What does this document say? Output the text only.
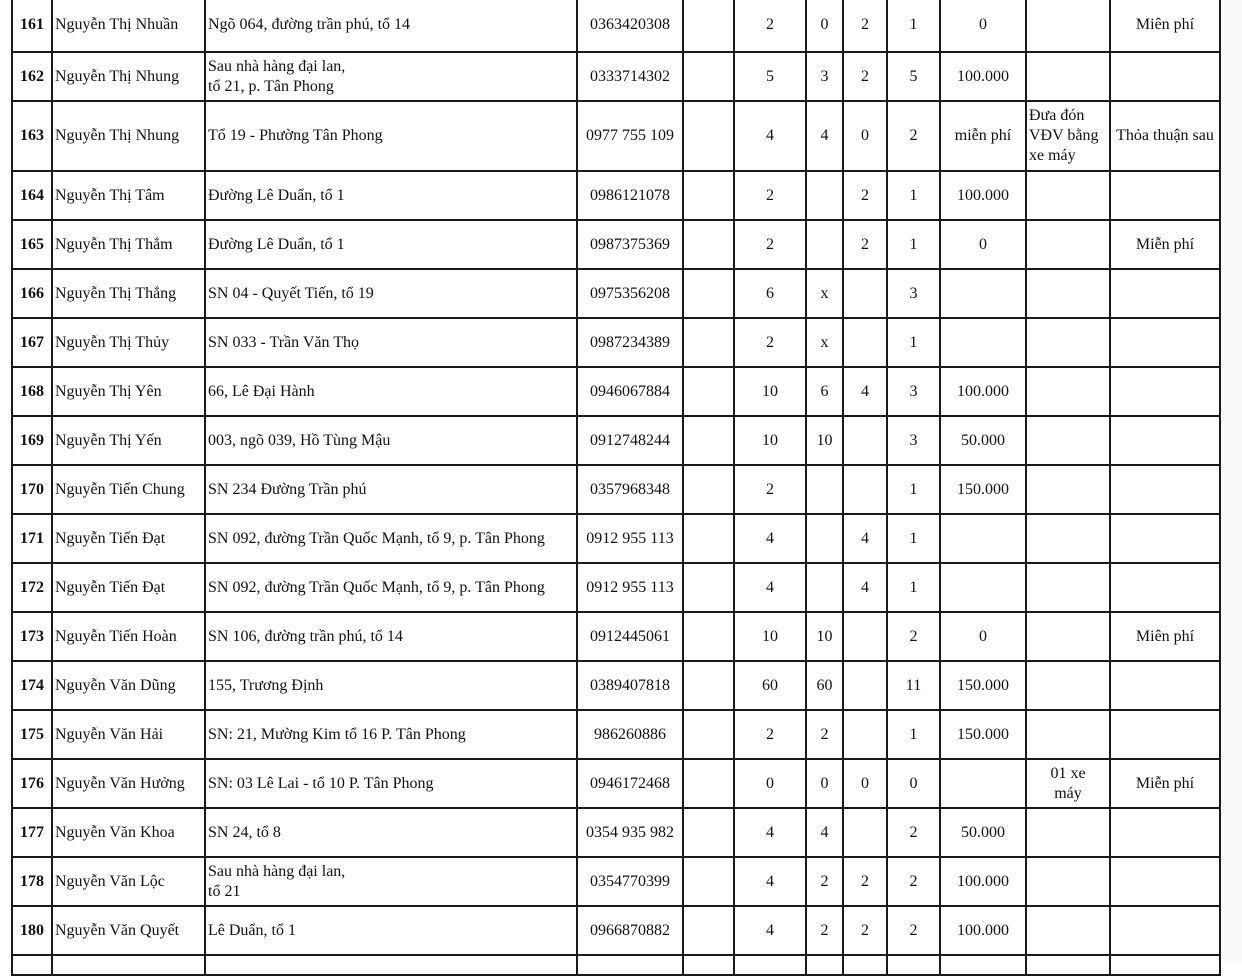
161	Nguyễn Thị Nhuần	Ngõ 064, đường trần phú, tổ 14	0363420308		2	0	2	1	0		Miên phí
162	Nguyễn Thị Nhung	Sau nhà hàng đại lan,
tổ 21, p. Tân Phong	0333714302		5	3	2	5	100.000		
163	Nguyễn Thị Nhung	Tổ 19 - Phường Tân Phong	0977 755 109		4	4	0	2	miễn phí	Đưa đón
VĐV bằng
xe máy	Thỏa thuận sau
164	Nguyễn Thị Tâm	Đường Lê Duẩn, tổ 1	0986121078		2		2	1	100.000		
165	Nguyễn Thị Thắm	Đường Lê Duẩn, tổ 1	0987375369		2		2	1	0		Miễn phí
166	Nguyễn Thị Thắng	SN 04 - Quyết Tiến, tổ 19	0975356208		6	x		3			
167	Nguyễn Thị Thủy	SN 033 - Trần Văn Thọ	0987234389		2	x		1			
168	Nguyễn Thị Yên	66, Lê Đại Hành	0946067884		10	6	4	3	100.000		
169	Nguyễn Thị Yến	003, ngõ 039, Hồ Tùng Mậu	0912748244		10	10		3	50.000		
170	Nguyễn Tiến Chung	SN 234 Đường Trần phú	0357968348		2			1	150.000		
171	Nguyễn Tiến Đạt	SN 092, đường Trần Quốc Mạnh, tổ 9, p. Tân Phong	0912 955 113		4		4	1			
172	Nguyễn Tiến Đạt	SN 092, đường Trần Quốc Mạnh, tổ 9, p. Tân Phong	0912 955 113		4		4	1			
173	Nguyễn Tiến Hoàn	SN 106, đường trần phú, tổ 14	0912445061		10	10		2	0		Miên phí
174	Nguyễn Văn Dũng	155, Trương Định	0389407818		60	60		11	150.000		
175	Nguyễn Văn Hải	SN: 21, Mường Kim tổ 16 P. Tân Phong	986260886		2	2		1	150.000		
176	Nguyễn Văn Hưởng	SN: 03 Lê Lai - tổ 10 P. Tân Phong	0946172468		0	0	0	0		01 xe
máy	Miễn phí
177	Nguyễn Văn Khoa	SN 24, tổ 8	0354 935 982		4	4		2	50.000		
178	Nguyễn Văn Lộc	Sau nhà hàng đại lan,
tổ 21	0354770399		4	2	2	2	100.000		
180	Nguyễn Văn Quyết	Lê Duẩn, tổ 1	0966870882		4	2	2	2	100.000		
